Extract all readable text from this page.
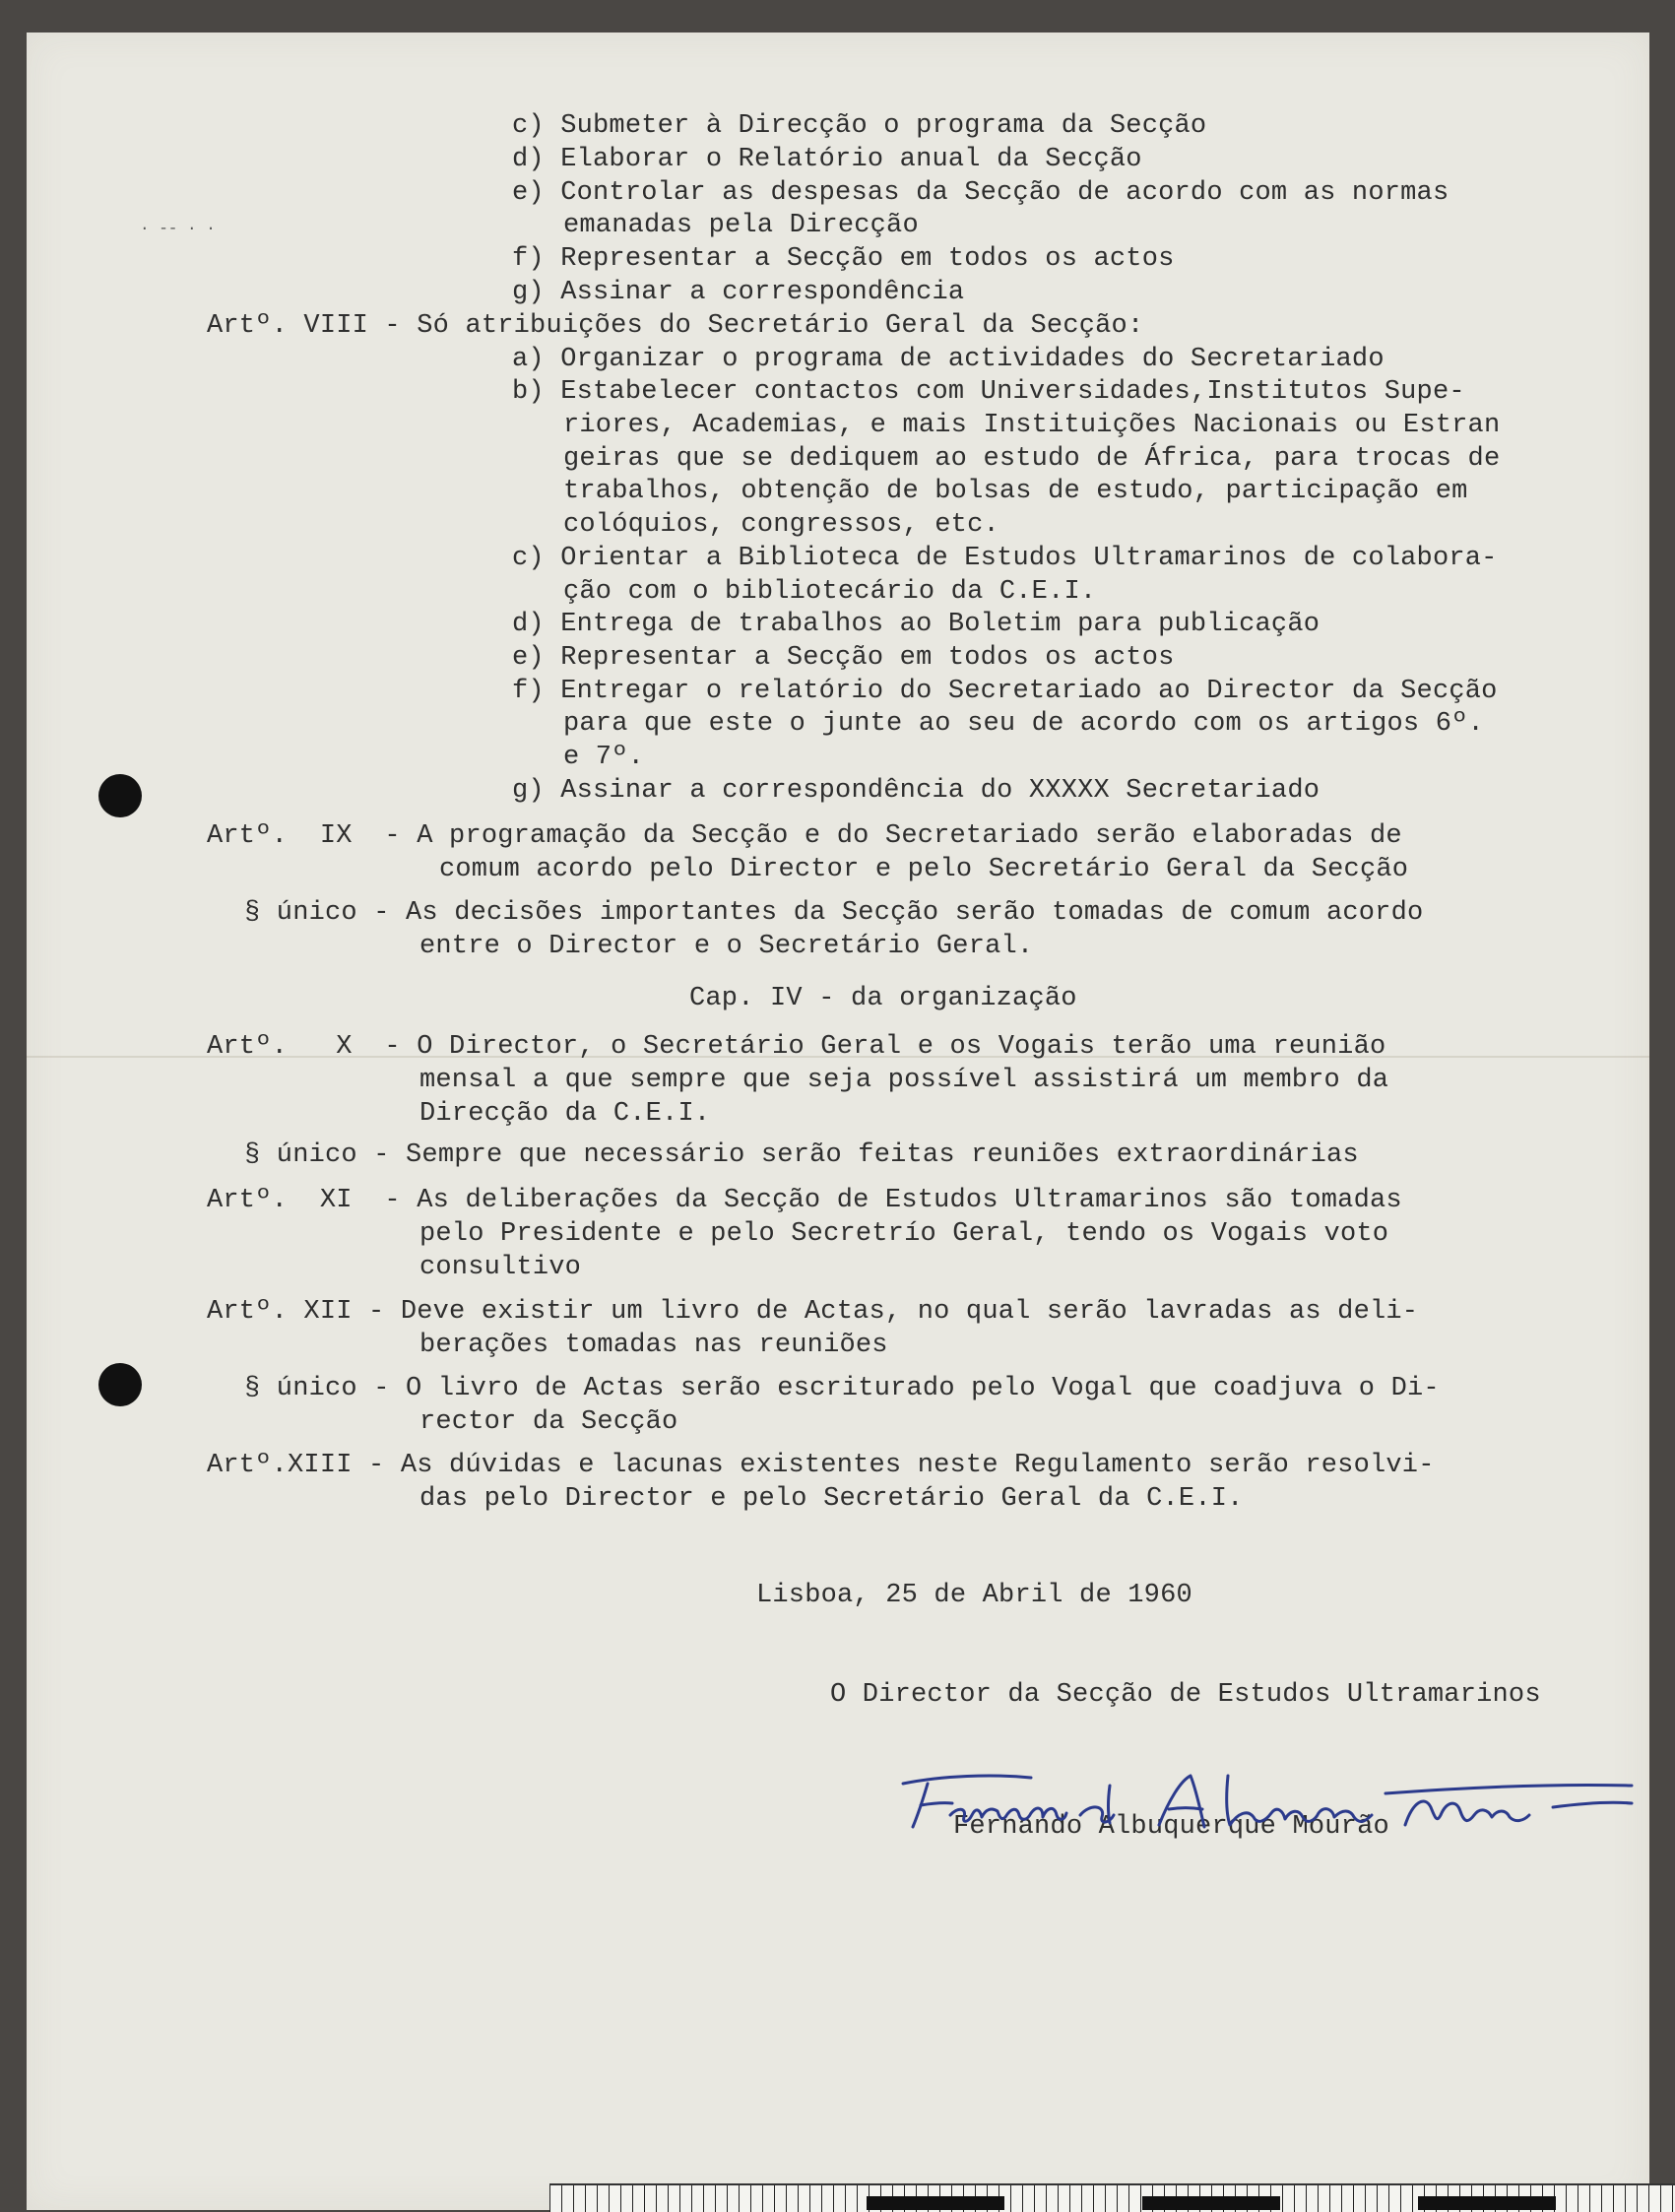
· -- · ·
c) Submeter à Direcção o programa da Secção
d) Elaborar o Relatório anual da Secção
e) Controlar as despesas da Secção de acordo com as normas
emanadas pela Direcção
f) Representar a Secção em todos os actos
g) Assinar a correspondência
Artº. VIII - Só atribuições do Secretário Geral da Secção:
a) Organizar o programa de actividades do Secretariado
b) Estabelecer contactos com Universidades,Institutos Supe-
riores, Academias, e mais Instituições Nacionais ou Estran
geiras que se dediquem ao estudo de África, para trocas de
trabalhos, obtenção de bolsas de estudo, participação em
colóquios, congressos, etc.
c) Orientar a Biblioteca de Estudos Ultramarinos de colabora-
ção com o bibliotecário da C.E.I.
d) Entrega de trabalhos ao Boletim para publicação
e) Representar a Secção em todos os actos
f) Entregar o relatório do Secretariado ao Director da Secção
para que este o junte ao seu de acordo com os artigos 6º.
e 7º.
g) Assinar a correspondência do XXXXX Secretariado
Artº.  IX  - A programação da Secção e do Secretariado serão elaboradas de
comum acordo pelo Director e pelo Secretário Geral da Secção
§ único - As decisões importantes da Secção serão tomadas de comum acordo
entre o Director e o Secretário Geral.
Cap. IV - da organização
Artº.   X  - O Director, o Secretário Geral e os Vogais terão uma reunião
mensal a que sempre que seja possível assistirá um membro da
Direcção da C.E.I.
§ único - Sempre que necessário serão feitas reuniões extraordinárias
Artº.  XI  - As deliberações da Secção de Estudos Ultramarinos são tomadas
pelo Presidente e pelo Secretrío Geral, tendo os Vogais voto
consultivo
Artº. XII - Deve existir um livro de Actas, no qual serão lavradas as deli-
berações tomadas nas reuniões
§ único - O livro de Actas serão escriturado pelo Vogal que coadjuva o Di-
rector da Secção
Artº.XIII - As dúvidas e lacunas existentes neste Regulamento serão resolvi-
das pelo Director e pelo Secretário Geral da C.E.I.
Lisboa, 25 de Abril de 1960
O Director da Secção de Estudos Ultramarinos
Fernando Albuquerque Mourão
